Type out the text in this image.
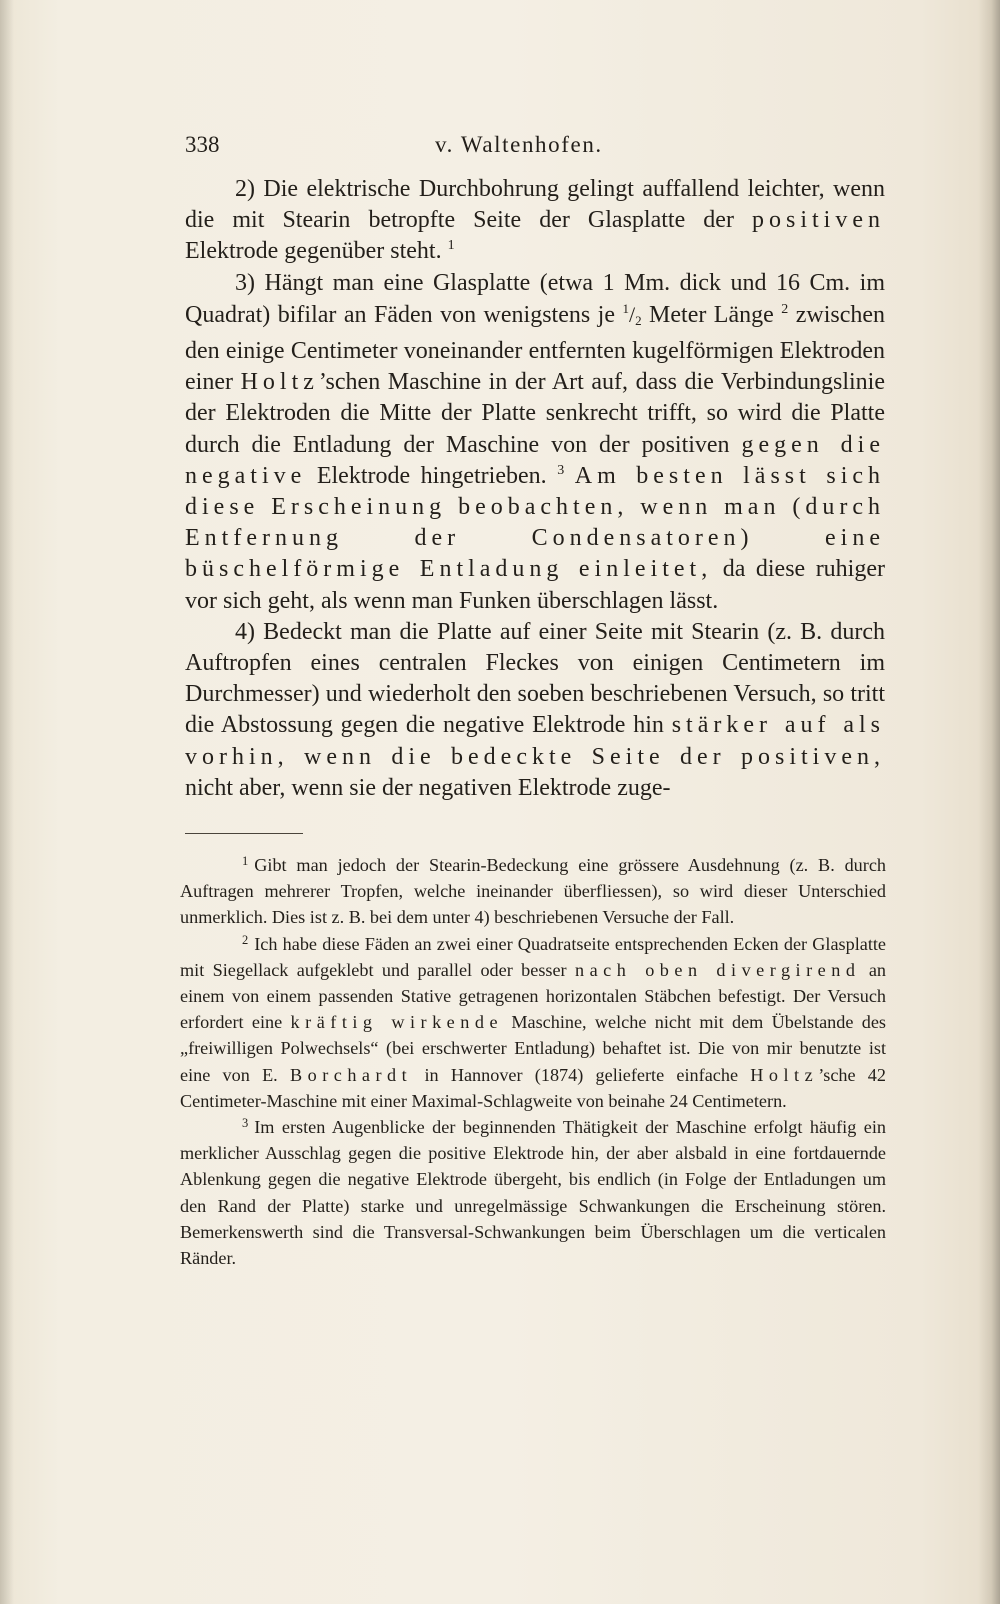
338	v. Waltenhofen.

2) Die elektrische Durchbohrung gelingt auffallend leichter, wenn die mit Stearin betropfte Seite der Glasplatte der positiven Elektrode gegenüber steht. $^1$

3) Hängt man eine Glasplatte (etwa 1 Mm. dick und 16 Cm. im Quadrat) bifilar an Fäden von wenigstens je $^1/_2$ Meter Länge $^2$ zwischen den einige Centimeter voneinander entfernten kugelförmigen Elektroden einer Holtz’schen Maschine in der Art auf, dass die Verbindungslinie der Elektroden die Mitte der Platte senkrecht trifft, so wird die Platte durch die Entladung der Maschine von der positiven gegen die negative Elektrode hingetrieben. $^3$ Am besten lässt sich diese Erscheinung beobachten, wenn man (durch Entfernung der Condensatoren) eine büschelförmige Entladung einleitet, da diese ruhiger vor sich geht, als wenn man Funken überschlagen lässt.

4) Bedeckt man die Platte auf einer Seite mit Stearin (z. B. durch Auftropfen eines centralen Fleckes von einigen Centimetern im Durchmesser) und wiederholt den soeben beschriebenen Versuch, so tritt die Abstossung gegen die negative Elektrode hin stärker auf als vorhin, wenn die bedeckte Seite der positiven, nicht aber, wenn sie der negativen Elektrode zuge-

$^1$ Gibt man jedoch der Stearin-Bedeckung eine grössere Ausdehnung (z. B. durch Auftragen mehrerer Tropfen, welche ineinander überfliessen), so wird dieser Unterschied unmerklich. Dies ist z. B. bei dem unter 4) beschriebenen Versuche der Fall.

$^2$ Ich habe diese Fäden an zwei einer Quadratseite entsprechenden Ecken der Glasplatte mit Siegellack aufgeklebt und parallel oder besser nach oben divergirend an einem von einem passenden Stative getragenen horizontalen Stäbchen befestigt. Der Versuch erfordert eine kräftig wirkende Maschine, welche nicht mit dem Übelstande des „freiwilligen Polwechsels“ (bei erschwerter Entladung) behaftet ist. Die von mir benutzte ist eine von E. Borchardt in Hannover (1874) gelieferte einfache Holtz’sche 42 Centimeter-Maschine mit einer Maximal-Schlagweite von beinahe 24 Centimetern.

$^3$ Im ersten Augenblicke der beginnenden Thätigkeit der Maschine erfolgt häufig ein merklicher Ausschlag gegen die positive Elektrode hin, der aber alsbald in eine fortdauernde Ablenkung gegen die negative Elektrode übergeht, bis endlich (in Folge der Entladungen um den Rand der Platte) starke und unregelmässige Schwankungen die Erscheinung stören. Bemerkenswerth sind die Transversal-Schwankungen beim Überschlagen um die verticalen Ränder.
